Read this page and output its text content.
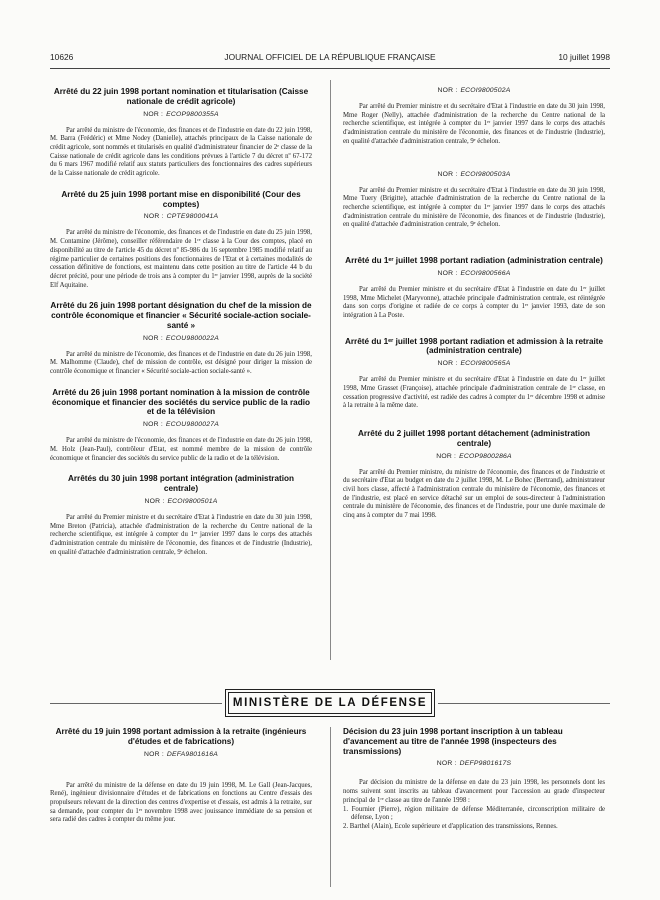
10626	JOURNAL OFFICIEL DE LA RÉPUBLIQUE FRANÇAISE	10 juillet 1998
Arrêté du 22 juin 1998 portant nomination et titularisation (Caisse nationale de crédit agricole)
NOR : ECOP9800355A

Par arrêté du ministre de l'économie, des finances et de l'industrie en date du 22 juin 1998, M. Barra (Frédéric) et Mme Nodey (Danielle), attachés principaux de la Caisse nationale de crédit agricole, sont nommés et titularisés en qualité d'administrateur financier de 2ᵉ classe de la Caisse nationale de crédit agricole dans les conditions prévues à l'article 7 du décret nº 67-172 du 6 mars 1967 modifié relatif aux statuts particuliers des fonctionnaires des cadres supérieurs de la Caisse nationale de crédit agricole.

Arrêté du 25 juin 1998 portant mise en disponibilité (Cour des comptes)
NOR : CPTE9800041A

Par arrêté du ministre de l'économie, des finances et de l'industrie en date du 25 juin 1998, M. Contamine (Jérôme), conseiller référendaire de 1ʳᵉ classe à la Cour des comptes, placé en disponibilité au titre de l'article 45 du décret nº 85-986 du 16 septembre 1985 modifié relatif au régime particulier de certaines positions des fonctionnaires de l'Etat et à certaines modalités de cessation définitive de fonctions, est maintenu dans cette position au titre de l'article 44 b du décret précité, pour une période de trois ans à compter du 1ᵉʳ janvier 1998, auprès de la société Elf Aquitaine.

Arrêté du 26 juin 1998 portant désignation du chef de la mission de contrôle économique et financier « Sécurité sociale-action sociale-santé »
NOR : ECOU9800022A

Par arrêté du ministre de l'économie, des finances et de l'industrie en date du 26 juin 1998, M. Malhomme (Claude), chef de mission de contrôle, est désigné pour diriger la mission de contrôle économique et financier « Sécurité sociale-action sociale-santé ».

Arrêté du 26 juin 1998 portant nomination à la mission de contrôle économique et financier des sociétés du service public de la radio et de la télévision
NOR : ECOU9800027A

Par arrêté du ministre de l'économie, des finances et de l'industrie en date du 26 juin 1998, M. Holz (Jean-Paul), contrôleur d'Etat, est nommé membre de la mission de contrôle économique et financier des sociétés du service public de la radio et de la télévision.

Arrêtés du 30 juin 1998 portant intégration (administration centrale)
NOR : ECOI9800501A

Par arrêté du Premier ministre et du secrétaire d'Etat à l'industrie en date du 30 juin 1998, Mme Breton (Patricia), attachée d'administration de la recherche du Centre national de la recherche scientifique, est intégrée à compter du 1ᵉʳ janvier 1997 dans le corps des attachés d'administration centrale du ministère de l'économie, des finances et de l'industrie (Industrie), en qualité d'attachée d'administration centrale, 9ᵉ échelon.

NOR : ECOI9800502A

Par arrêté du Premier ministre et du secrétaire d'Etat à l'industrie en date du 30 juin 1998, Mme Roger (Nelly), attachée d'administration de la recherche du Centre national de la recherche scientifique, est intégrée à compter du 1ᵉʳ janvier 1997 dans le corps des attachés d'administration centrale du ministère de l'économie, des finances et de l'industrie (Industrie), en qualité d'attachée d'administration centrale, 9ᵉ échelon.

NOR : ECOI9800503A

Par arrêté du Premier ministre et du secrétaire d'Etat à l'industrie en date du 30 juin 1998, Mme Tuery (Brigitte), attachée d'administration de la recherche du Centre national de la recherche scientifique, est intégrée à compter du 1ᵉʳ janvier 1997 dans le corps des attachés d'administration centrale du ministère de l'économie, des finances et de l'industrie (Industrie), en qualité d'attachée d'administration centrale, 9ᵉ échelon.

Arrêté du 1ᵉʳ juillet 1998 portant radiation (administration centrale)
NOR : ECOI9800566A

Par arrêté du Premier ministre et du secrétaire d'Etat à l'industrie en date du 1ᵉʳ juillet 1998, Mme Michelet (Maryvonne), attachée principale d'administration centrale, est réintégrée dans son corps d'origine et radiée de ce corps à compter du 1ᵉʳ janvier 1993, date de son intégration à La Poste.

Arrêté du 1ᵉʳ juillet 1998 portant radiation et admission à la retraite (administration centrale)
NOR : ECOI9800565A

Par arrêté du Premier ministre et du secrétaire d'Etat à l'industrie en date du 1ᵉʳ juillet 1998, Mme Grasset (Françoise), attachée principale d'administration centrale de 1ʳᵉ classe, en cessation progressive d'activité, est radiée des cadres à compter du 1ᵉʳ décembre 1998 et admise à la retraite à la même date.

Arrêté du 2 juillet 1998 portant détachement (administration centrale)
NOR : ECOP9800286A

Par arrêté du Premier ministre, du ministre de l'économie, des finances et de l'industrie et du secrétaire d'Etat au budget en date du 2 juillet 1998, M. Le Bohec (Bertrand), administrateur civil hors classe, affecté à l'administration centrale du ministère de l'économie, des finances et de l'industrie, est placé en service détaché sur un emploi de sous-directeur à l'administration centrale du ministère de l'économie, des finances et de l'industrie, pour une durée maximale de cinq ans à compter du 7 mai 1998.

MINISTÈRE DE LA DÉFENSE
Arrêté du 19 juin 1998 portant admission à la retraite (ingénieurs d'études et de fabrications)
NOR : DEFA9801616A

Par arrêté du ministre de la défense en date du 19 juin 1998, M. Le Gall (Jean-Jacques, René), ingénieur divisionnaire d'études et de fabrications en fonctions au Centre d'essais des propulseurs relevant de la direction des centres d'expertise et d'essais, est admis à la retraite, sur sa demande, pour compter du 1ᵉʳ novembre 1998 avec jouissance immédiate de sa pension et sera radié des cadres à compter du même jour.

Décision du 23 juin 1998 portant inscription à un tableau d'avancement au titre de l'année 1998 (inspecteurs des transmissions)
NOR : DEFP9801617S

Par décision du ministre de la défense en date du 23 juin 1998, les personnels dont les noms suivent sont inscrits au tableau d'avancement pour l'accession au grade d'inspecteur principal de 1ʳᵉ classe au titre de l'année 1998 :

1. Fournier (Pierre), région militaire de défense Méditerranée, circonscription militaire de défense, Lyon ;

2. Barthel (Alain), Ecole supérieure et d'application des transmissions, Rennes.
